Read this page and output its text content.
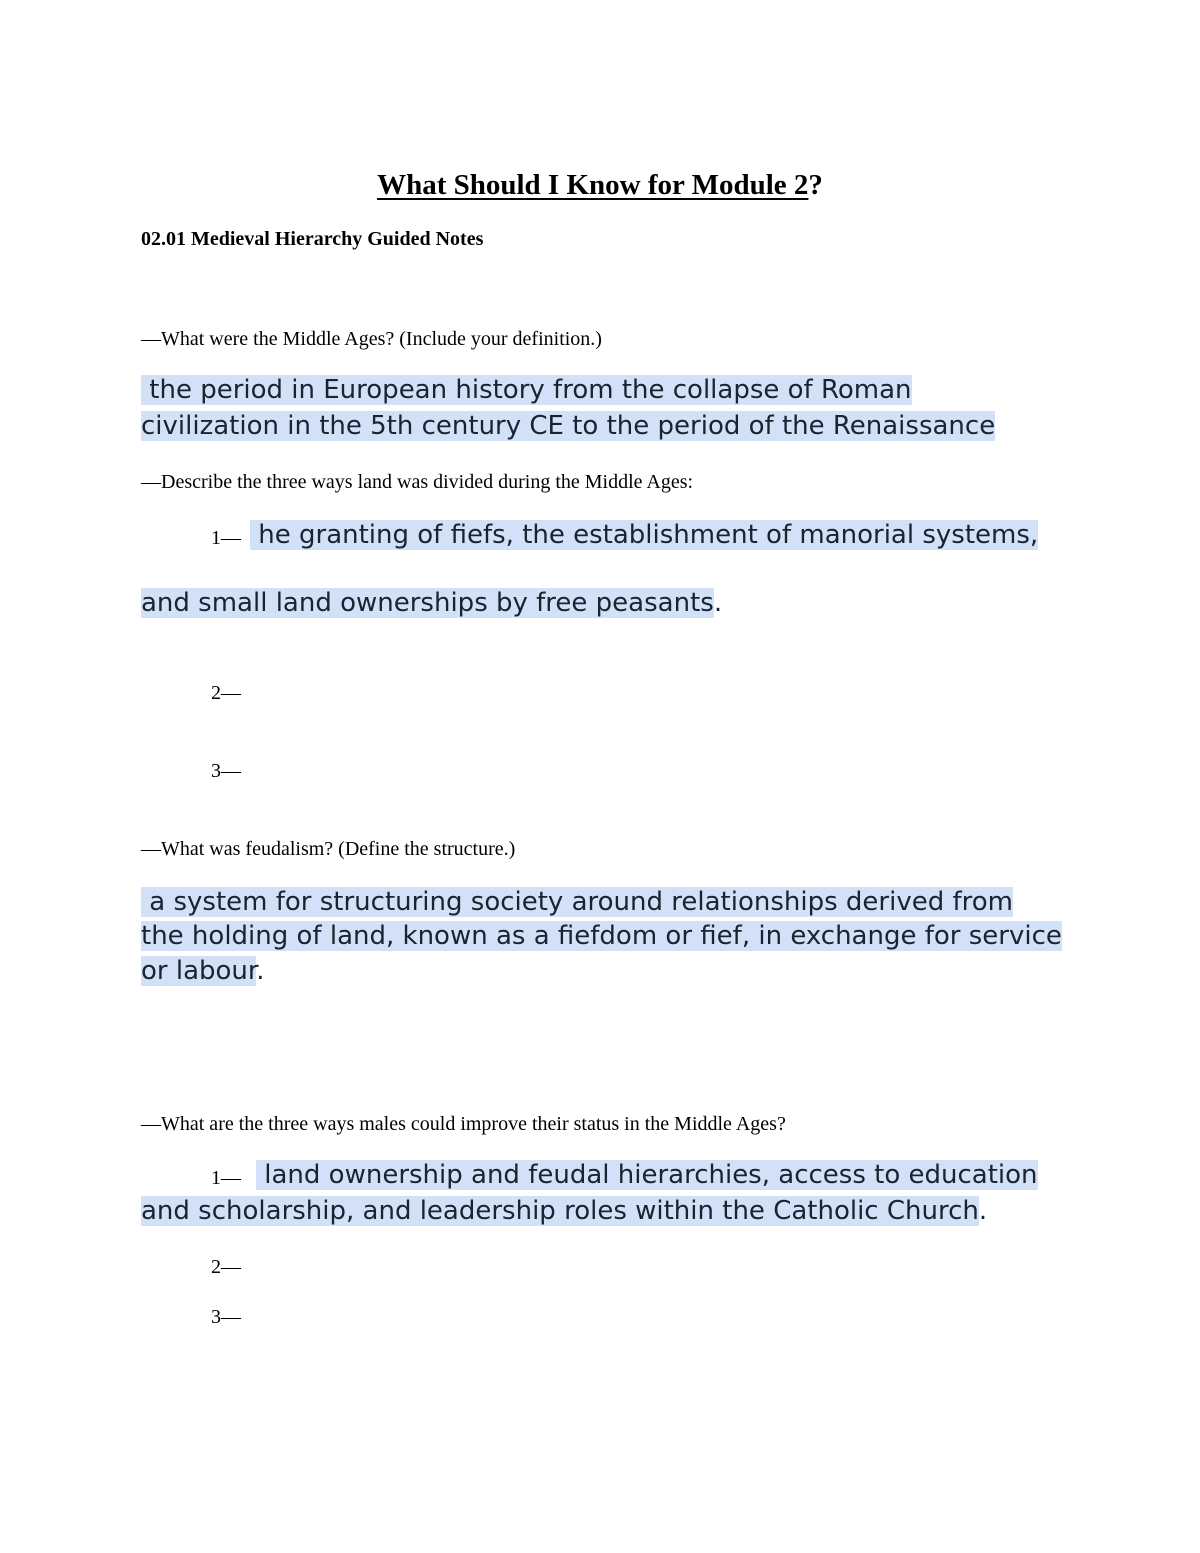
What Should I Know for Module 2?
02.01 Medieval Hierarchy Guided Notes
—What were the Middle Ages? (Include your definition.)
the period in European history from the collapse of Roman
civilization in the 5th century CE to the period of the Renaissance
—Describe the three ways land was divided during the Middle Ages:
1— he granting of fiefs, the establishment of manorial systems,
and small land ownerships by free peasants.
2—
3—
—What was feudalism? (Define the structure.)
a system for structuring society around relationships derived from
the holding of land, known as a fiefdom or fief, in exchange for service
or labour.
—What are the three ways males could improve their status in the Middle Ages?
1— land ownership and feudal hierarchies, access to education
and scholarship, and leadership roles within the Catholic Church.
2—
3—
